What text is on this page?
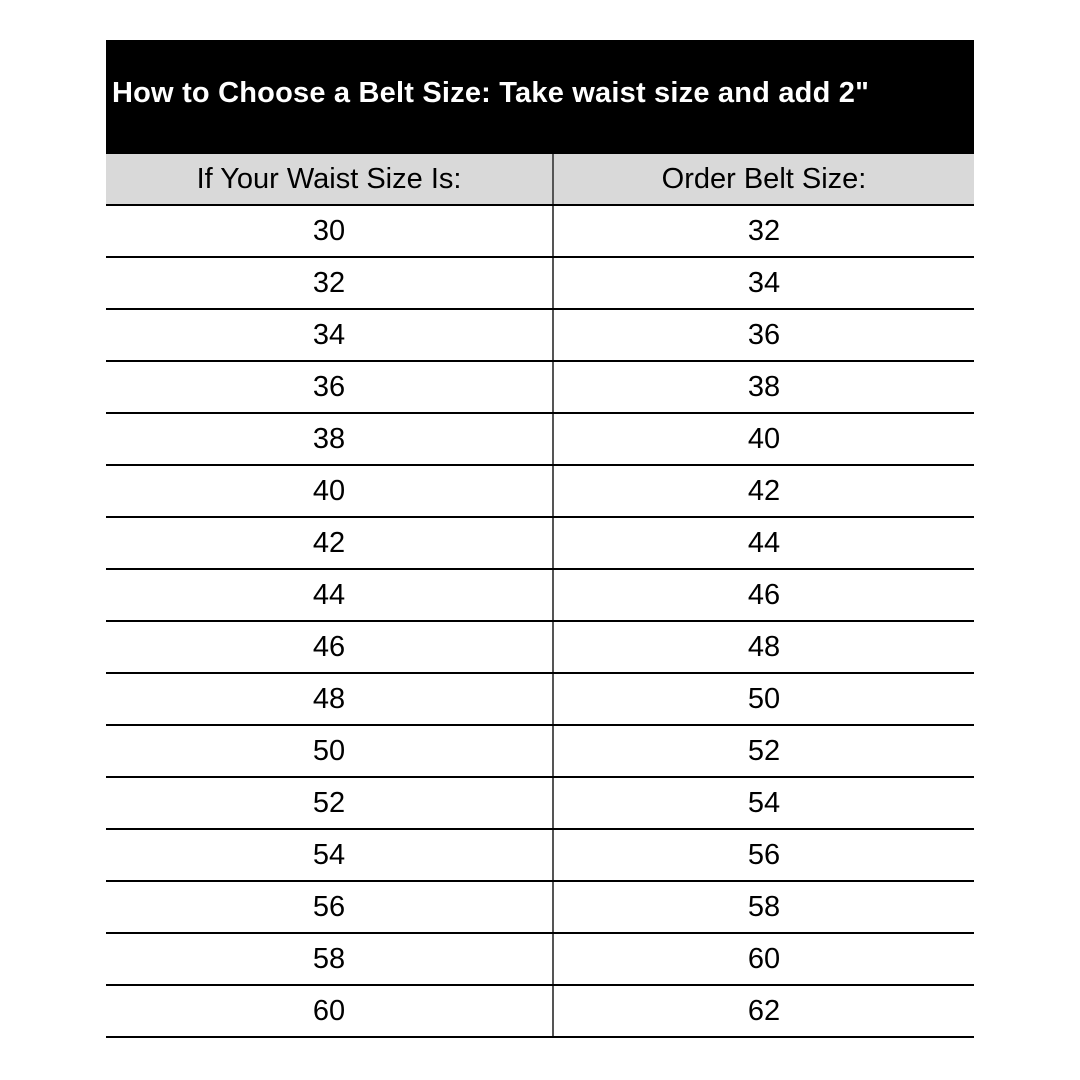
How to Choose a Belt Size: Take waist size and add 2"
If Your Waist Size Is:	Order Belt Size:
30	32
32	34
34	36
36	38
38	40
40	42
42	44
44	46
46	48
48	50
50	52
52	54
54	56
56	58
58	60
60	62
